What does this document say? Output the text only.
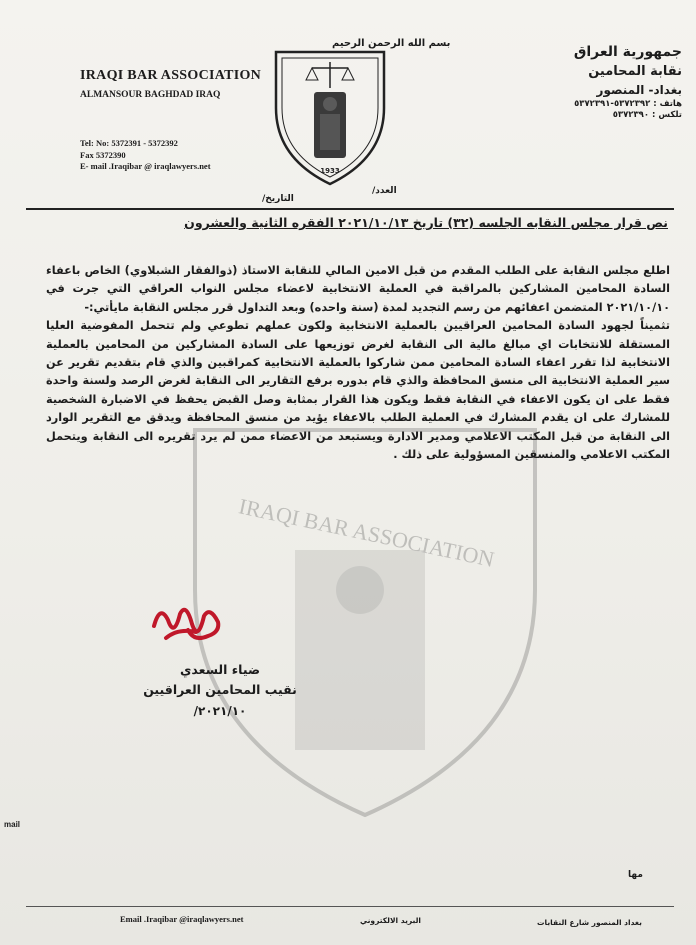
بسم الله الرحمن الرحيم
IRAQI BAR ASSOCIATION
ALMANSOUR BAGHDAD IRAQ
Tel: No: 5372391 - 5372392
Fax 5372390
E- mail .Iraqibar @ iraqlawyers.net
جمهورية العراق
نقابة المحامين
بغداد- المنصور
هاتف : ٥٣٧٢٣٩٢-٥٣٧٢٣٩١
تلكس : ٥٣٧٢٣٩٠
1933
العدد/
التاريخ/
نص قرار مجلس النقابه الجلسه (٣٢) تاريخ ٢٠٢١/١٠/١٣ الفقره الثانية والعشرون
IRAQI BAR ASSOCIATION

اطلع مجلس النقابة على الطلب المقدم من قبل الامين المالي للنقابة الاستاذ (ذوالفقار الشبلاوي) الخاص باعفاء السادة المحامين المشاركين بالمراقبة في العملية الانتخابية لاعضاء مجلس النواب العراقي التي جرت في ٢٠٢١/١٠/١٠ المتضمن اعفائهم من رسم التجديد لمدة (سنة واحده) وبعد التداول قرر مجلس النقابة مايأتي:-

تثميناً لجهود السادة المحامين العراقيين بالعملية الانتخابية ولكون عملهم تطوعي ولم تتحمل المفوضية العليا المستقلة للانتخابات اي مبالغ مالية الى النقابة لغرض توزيعها على السادة المشاركين من المحامين بالعملية الانتخابية لذا تقرر اعفاء السادة المحامين ممن شاركوا بالعملية الانتخابية كمراقبين والذي قام بتقديم تقرير عن سير العملية الانتخابية الى منسق المحافظة والذي قام بدوره برفع التقارير الى النقابة لغرض الرصد ولسنة واحدة فقط على ان يكون الاعفاء في النقابة فقط ويكون هذا القرار بمثابة وصل القبض يحفظ في الاضبارة الشخصية للمشارك على ان يقدم المشارك في العملية الطلب بالاعفاء يؤيد من منسق المحافظة ويدقق مع التقرير الوارد الى النقابة من قبل المكتب الاعلامي ومدير الادارة ويستبعد من الاعضاء ممن لم يرد تقريره الى النقابة ويتحمل المكتب الاعلامي والمنسقين المسؤولية على ذلك .

ضياء السعدي
نقيب المحامين العراقيين
٢٠٢١/١٠/
mail
مها
Email .Iraqibar @iraqlawyers.net	البريد الالكتروني	بغداد المنصور شارع النقابات
